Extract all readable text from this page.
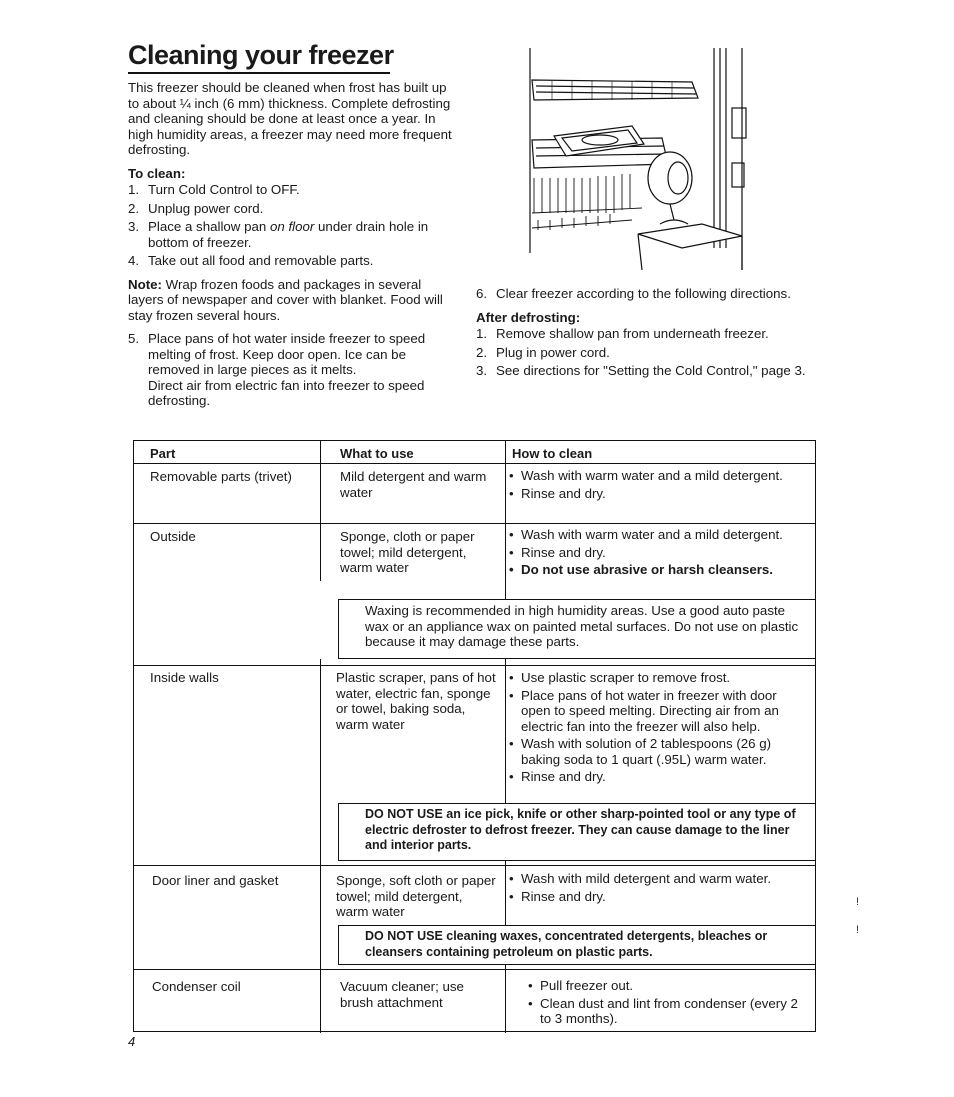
Cleaning your freezer

This freezer should be cleaned when frost has built up to about ¼ inch (6 mm) thickness. Complete defrosting and cleaning should be done at least once a year. In high humidity areas, a freezer may need more frequent defrosting.

To clean:

1. Turn Cold Control to OFF.
2. Unplug power cord.
3. Place a shallow pan on floor under drain hole in bottom of freezer.
4. Take out all food and removable parts.

Note: Wrap frozen foods and packages in several layers of newspaper and cover with blanket. Food will stay frozen several hours.

5. Place pans of hot water inside freezer to speed melting of frost. Keep door open. Ice can be removed in large pieces as it melts.
Direct air from electric fan into freezer to speed defrosting.
6. Clear freezer according to the following directions.

After defrosting:

1. Remove shallow pan from underneath freezer.
2. Plug in power cord.
3. See directions for "Setting the Cold Control," page 3.
Part	What to use	How to clean
Removable parts (trivet)	Mild detergent and warm water
• Wash with warm water and a mild detergent.
• Rinse and dry.
Outside	Sponge, cloth or paper towel; mild detergent, warm water
• Wash with warm water and a mild detergent.
• Rinse and dry.
• Do not use abrasive or harsh cleansers.
Waxing is recommended in high humidity areas. Use a good auto paste wax or an appliance wax on painted metal surfaces. Do not use on plastic because it may damage these parts.
Inside walls	Plastic scraper, pans of hot water, electric fan, sponge or towel, baking soda, warm water
• Use plastic scraper to remove frost.
• Place pans of hot water in freezer with door open to speed melting. Directing air from an electric fan into the freezer will also help.
• Wash with solution of 2 tablespoons (26 g) baking soda to 1 quart (.95L) warm water.
• Rinse and dry.
DO NOT USE an ice pick, knife or other sharp-pointed tool or any type of electric defroster to defrost freezer. They can cause damage to the liner and interior parts.
Door liner and gasket	Sponge, soft cloth or paper towel; mild detergent, warm water
• Wash with mild detergent and warm water.
• Rinse and dry.
DO NOT USE cleaning waxes, concentrated detergents, bleaches or cleansers containing petroleum on plastic parts.
Condenser coil	Vacuum cleaner; use brush attachment
• Pull freezer out.
• Clean dust and lint from condenser (every 2 to 3 months).
4
!
!
